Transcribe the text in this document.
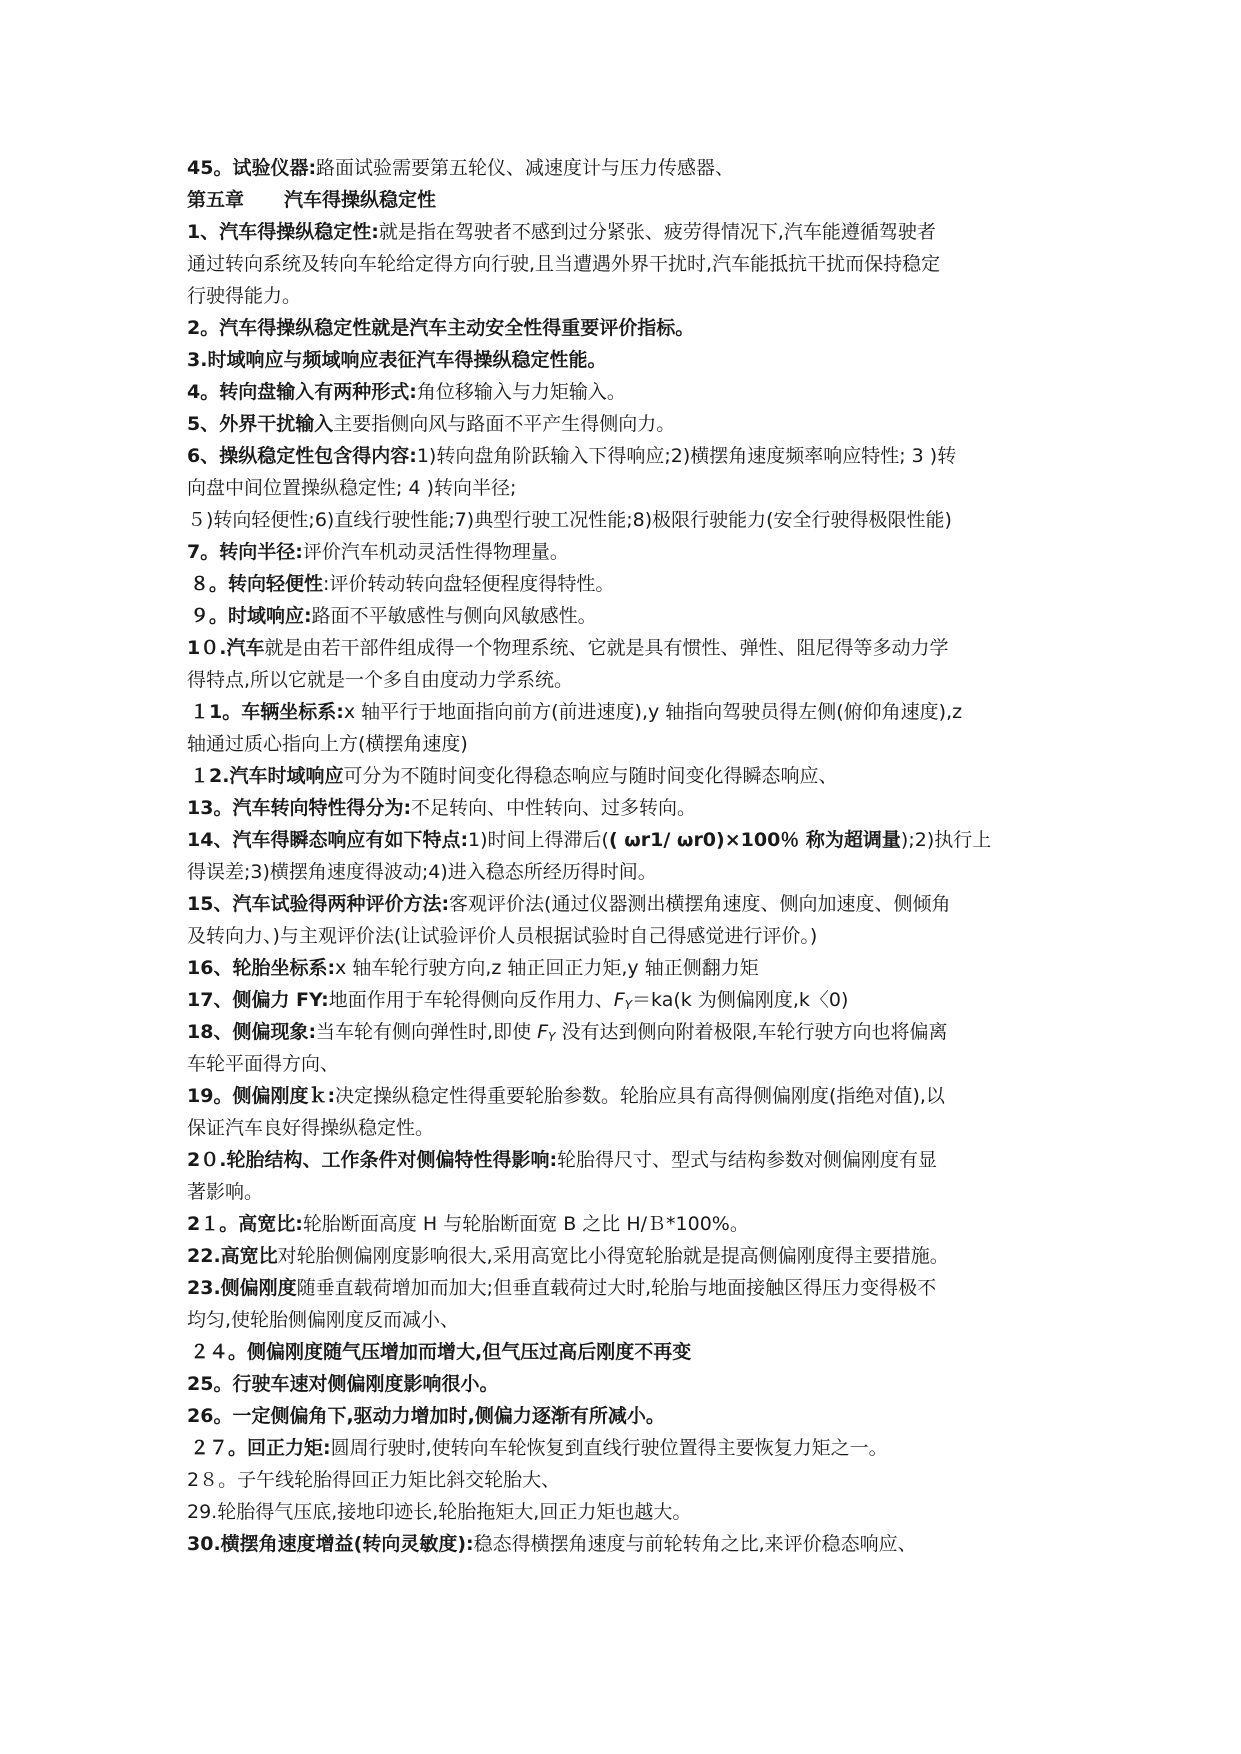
45。试验仪器:路面试验需要第五轮仪、减速度计与压力传感器、
第五章 汽车得操纵稳定性
1、汽车得操纵稳定性:就是指在驾驶者不感到过分紧张、疲劳得情况下,汽车能遵循驾驶者
通过转向系统及转向车轮给定得方向行驶,且当遭遇外界干扰时,汽车能抵抗干扰而保持稳定
行驶得能力。
2。汽车得操纵稳定性就是汽车主动安全性得重要评价指标。
3.时域响应与频域响应表征汽车得操纵稳定性能。
4。转向盘输入有两种形式:角位移输入与力矩输入。
5、外界干扰输入主要指侧向风与路面不平产生得侧向力。
6、操纵稳定性包含得内容:1)转向盘角阶跃输入下得响应;2)横摆角速度频率响应特性; 3 )转
向盘中间位置操纵稳定性; 4 )转向半径;
５)转向轻便性;6)直线行驶性能;7)典型行驶工况性能;8)极限行驶能力(安全行驶得极限性能)
7。转向半径:评价汽车机动灵活性得物理量。
８。转向轻便性:评价转动转向盘轻便程度得特性。
９。时域响应:路面不平敏感性与侧向风敏感性。
1０.汽车就是由若干部件组成得一个物理系统、它就是具有惯性、弹性、阻尼得等多动力学
得特点,所以它就是一个多自由度动力学系统。
１1。车辆坐标系:x 轴平行于地面指向前方(前进速度),y 轴指向驾驶员得左侧(俯仰角速度),z
轴通过质心指向上方(横摆角速度)
１2.汽车时域响应可分为不随时间变化得稳态响应与随时间变化得瞬态响应、
13。汽车转向特性得分为:不足转向、中性转向、过多转向。
14、汽车得瞬态响应有如下特点:1)时间上得滞后(( ωr1/ ωr0)×100％ 称为超调量);2)执行上
得误差;3)横摆角速度得波动;4)进入稳态所经历得时间。
15、汽车试验得两种评价方法:客观评价法(通过仪器测出横摆角速度、侧向加速度、侧倾角
及转向力、)与主观评价法(让试验评价人员根据试验时自己得感觉进行评价。)
16、轮胎坐标系:x 轴车轮行驶方向,z 轴正回正力矩,y 轴正侧翻力矩
17、侧偏力 FY:地面作用于车轮得侧向反作用力、$F_Y=ka(k$ 为侧偏刚度,k〈0)
18、侧偏现象:当车轮有侧向弹性时,即使 $F_Y$ 没有达到侧向附着极限,车轮行驶方向也将偏离
车轮平面得方向、
19。侧偏刚度ｋ:决定操纵稳定性得重要轮胎参数。轮胎应具有高得侧偏刚度(指绝对值),以
保证汽车良好得操纵稳定性。
2０.轮胎结构、工作条件对侧偏特性得影响:轮胎得尺寸、型式与结构参数对侧偏刚度有显
著影响。
2１。高宽比:轮胎断面高度 H 与轮胎断面宽 B 之比 H/Ｂ*100%。
22.高宽比对轮胎侧偏刚度影响很大,采用高宽比小得宽轮胎就是提高侧偏刚度得主要措施。
23.侧偏刚度随垂直载荷增加而加大;但垂直载荷过大时,轮胎与地面接触区得压力变得极不
均匀,使轮胎侧偏刚度反而减小、
２４。侧偏刚度随气压增加而增大,但气压过高后刚度不再变
25。行驶车速对侧偏刚度影响很小。
26。一定侧偏角下,驱动力增加时,侧偏力逐渐有所减小。
２７。回正力矩:圆周行驶时,使转向车轮恢复到直线行驶位置得主要恢复力矩之一。
2８。子午线轮胎得回正力矩比斜交轮胎大、
29.轮胎得气压底,接地印迹长,轮胎拖矩大,回正力矩也越大。
30.横摆角速度增益(转向灵敏度):稳态得横摆角速度与前轮转角之比,来评价稳态响应、
